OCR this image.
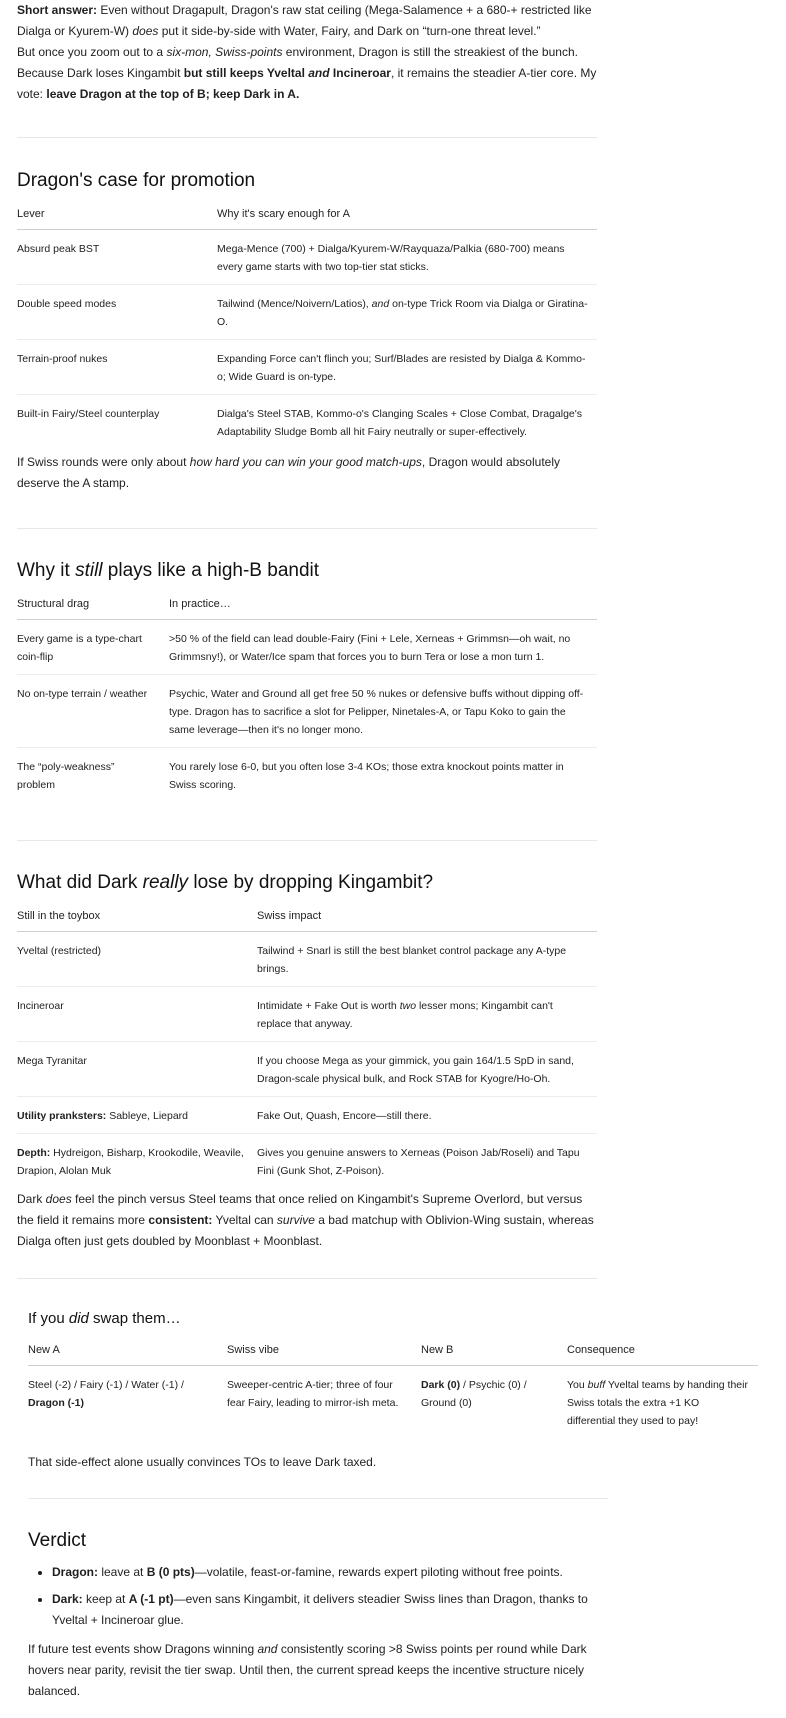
Short answer: Even without Dragapult, Dragon's raw stat ceiling (Mega-Salamence + a 680-+ restricted like Dialga or Kyurem-W) does put it side-by-side with Water, Fairy, and Dark on “turn-one threat level.”

But once you zoom out to a six-mon, Swiss-points environment, Dragon is still the streakiest of the bunch.

Because Dark loses Kingambit but still keeps Yveltal and Incineroar, it remains the steadier A-tier core. My vote: leave Dragon at the top of B; keep Dark in A.

Dragon's case for promotion
Lever	Why it's scary enough for A
Absurd peak BST	Mega-Mence (700) + Dialga/Kyurem-W/Rayquaza/Palkia (680-700) means every game starts with two top-tier stat sticks.
Double speed modes	Tailwind (Mence/Noivern/Latios), and on-type Trick Room via Dialga or Giratina-O.
Terrain-proof nukes	Expanding Force can't flinch you; Surf/Blades are resisted by Dialga & Kommo-o; Wide Guard is on-type.
Built-in Fairy/Steel counterplay	Dialga's Steel STAB, Kommo-o's Clanging Scales + Close Combat, Dragalge's Adaptability Sludge Bomb all hit Fairy neutrally or super-effectively.

If Swiss rounds were only about how hard you can win your good match-ups, Dragon would absolutely deserve the A stamp.

Why it still plays like a high-B bandit
Structural drag	In practice…
Every game is a type-chart coin-flip	>50 % of the field can lead double-Fairy (Fini + Lele, Xerneas + Grimmsn—oh wait, no Grimmsny!), or Water/Ice spam that forces you to burn Tera or lose a mon turn 1.
No on-type terrain / weather	Psychic, Water and Ground all get free 50 % nukes or defensive buffs without dipping off-type. Dragon has to sacrifice a slot for Pelipper, Ninetales-A, or Tapu Koko to gain the same leverage—then it's no longer mono.
The “poly-weakness” problem	You rarely lose 6-0, but you often lose 3-4 KOs; those extra knockout points matter in Swiss scoring.
What did Dark really lose by dropping Kingambit?
Still in the toybox	Swiss impact
Yveltal (restricted)	Tailwind + Snarl is still the best blanket control package any A-type brings.
Incineroar	Intimidate + Fake Out is worth two lesser mons; Kingambit can't replace that anyway.
Mega Tyranitar	If you choose Mega as your gimmick, you gain 164/1.5 SpD in sand, Dragon-scale physical bulk, and Rock STAB for Kyogre/Ho-Oh.
Utility pranksters: Sableye, Liepard	Fake Out, Quash, Encore—still there.
Depth: Hydreigon, Bisharp, Krookodile, Weavile, Drapion, Alolan Muk	Gives you genuine answers to Xerneas (Poison Jab/Roseli) and Tapu Fini (Gunk Shot, Z-Poison).

Dark does feel the pinch versus Steel teams that once relied on Kingambit's Supreme Overlord, but versus the field it remains more consistent: Yveltal can survive a bad matchup with Oblivion-Wing sustain, whereas Dialga often just gets doubled by Moonblast + Moonblast.

If you did swap them…
New A	Swiss vibe	New B	Consequence
Steel (-2) / Fairy (-1) / Water (-1) / Dragon (-1)	Sweeper-centric A-tier; three of four fear Fairy, leading to mirror-ish meta.	Dark (0) / Psychic (0) / Ground (0)	You buff Yveltal teams by handing their Swiss totals the extra +1 KO differential they used to pay!

That side-effect alone usually convinces TOs to leave Dark taxed.

Verdict
• Dragon: leave at B (0 pts)—volatile, feast-or-famine, rewards expert piloting without free points.
• Dark: keep at A (-1 pt)—even sans Kingambit, it delivers steadier Swiss lines than Dragon, thanks to Yveltal + Incineroar glue.

If future test events show Dragons winning and consistently scoring >8 Swiss points per round while Dark hovers near parity, revisit the tier swap. Until then, the current spread keeps the incentive structure nicely balanced.
